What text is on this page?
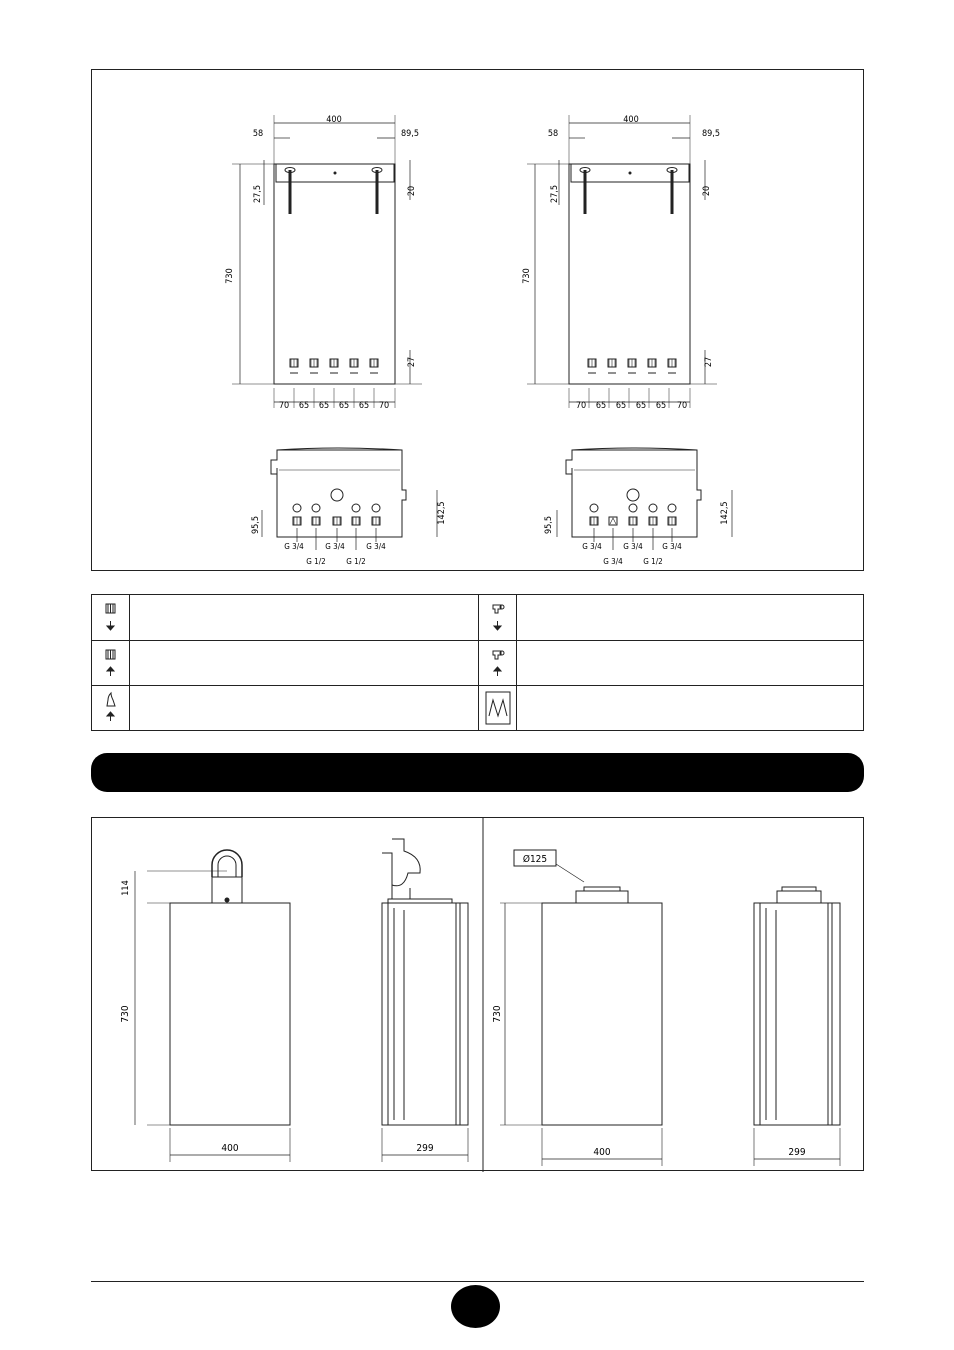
400
58	89,5
730
27,5	20
27
70 65 65 65 65 70
G 3/4	G 3/4	G 3/4
G 1/2	G 1/2
95,5
142,5
400
58	89,5
730
27,5	20
27
70 65 65 65 65 70
G 3/4	G 3/4 G 3/4
G 3/4	G 1/2
95,5
142,5
114
730
400	299
Ø125
730
400	299
